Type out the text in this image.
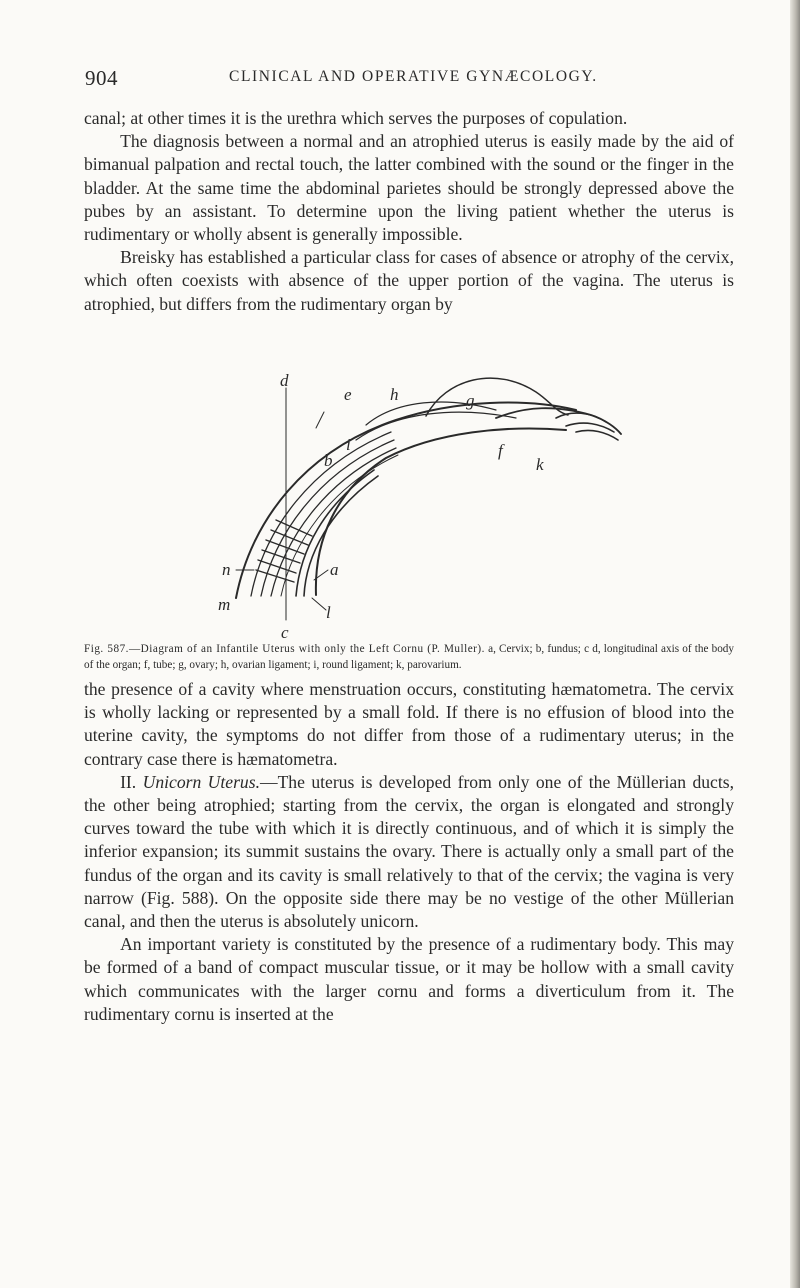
904	CLINICAL AND OPERATIVE GYNÆCOLOGY.

canal; at other times it is the urethra which serves the purposes of copulation.

The diagnosis between a normal and an atrophied uterus is easily made by the aid of bimanual palpation and rectal touch, the latter combined with the sound or the finger in the bladder. At the same time the abdominal parietes should be strongly depressed above the pubes by an assistant. To determine upon the living patient whether the uterus is rudimentary or wholly absent is generally impossible.

Breisky has established a particular class for cases of absence or atrophy of the cervix, which often coexists with absence of the upper portion of the vagina. The uterus is atrophied, but differs from the rudimentary organ by

d
e h	g
f
k
i
b
n	a
m	l
c
Fig. 587.—Diagram of an Infantile Uterus with only the Left Cornu (P. Muller). a, Cervix; b, fundus; c d, longitudinal axis of the body of the organ; f, tube; g, ovary; h, ovarian ligament; i, round ligament; k, parovarium.

the presence of a cavity where menstruation occurs, constituting hæmatometra. The cervix is wholly lacking or represented by a small fold. If there is no effusion of blood into the uterine cavity, the symptoms do not differ from those of a rudimentary uterus; in the contrary case there is hæmatometra.

II. Unicorn Uterus.—The uterus is developed from only one of the Müllerian ducts, the other being atrophied; starting from the cervix, the organ is elongated and strongly curves toward the tube with which it is directly continuous, and of which it is simply the inferior expansion; its summit sustains the ovary. There is actually only a small part of the fundus of the organ and its cavity is small relatively to that of the cervix; the vagina is very narrow (Fig. 588). On the opposite side there may be no vestige of the other Müllerian canal, and then the uterus is absolutely unicorn.

An important variety is constituted by the presence of a rudimentary body. This may be formed of a band of compact muscular tissue, or it may be hollow with a small cavity which communicates with the larger cornu and forms a diverticulum from it. The rudimentary cornu is inserted at the
